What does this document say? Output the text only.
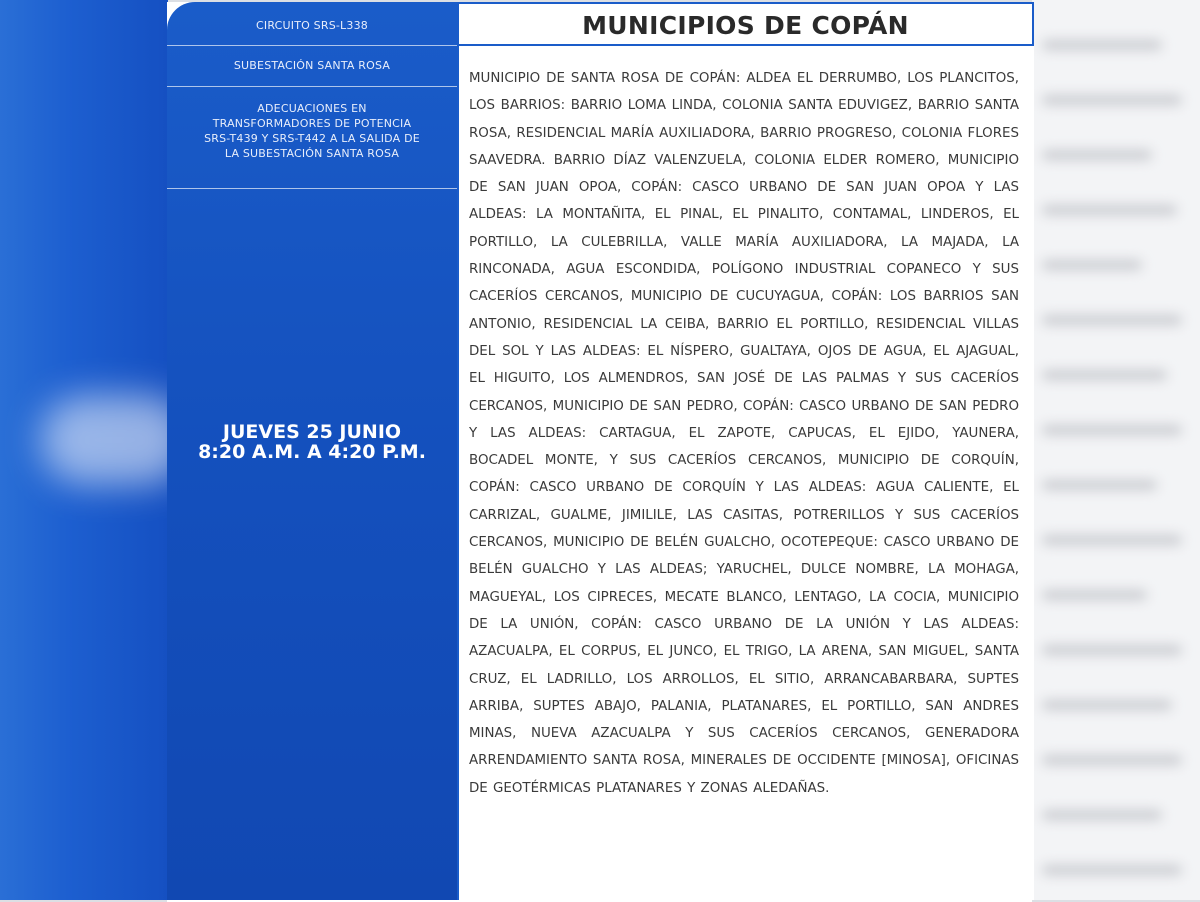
CIRCUITO SRS-L338
SUBESTACIÓN SANTA ROSA
ADECUACIONES EN
TRANSFORMADORES DE POTENCIA
SRS-T439 Y SRS-T442 A LA SALIDA DE
LA SUBESTACIÓN SANTA ROSA
JUEVES 25 JUNIO
8:20 A.M. A 4:20 P.M.
MUNICIPIOS DE COPÁN
MUNICIPIO DE SANTA ROSA DE COPÁN: ALDEA EL DERRUMBO, LOS PLANCITOS, LOS BARRIOS: BARRIO LOMA LINDA, COLONIA SANTA EDUVIGEZ, BARRIO SANTA ROSA, RESIDENCIAL MARÍA AUXILIADORA, BARRIO PROGRESO, COLONIA FLORES SAAVEDRA. BARRIO DÍAZ VALENZUELA, COLONIA ELDER ROMERO, MUNICIPIO DE SAN JUAN OPOA, COPÁN: CASCO URBANO DE SAN JUAN OPOA Y LAS ALDEAS: LA MONTAÑITA, EL PINAL, EL PINALITO, CONTAMAL, LINDEROS, EL PORTILLO, LA CULEBRILLA, VALLE MARÍA AUXILIADORA, LA MAJADA, LA RINCONADA, AGUA ESCONDIDA, POLÍGONO INDUSTRIAL COPANECO Y SUS CACERÍOS CERCANOS, MUNICIPIO DE CUCUYAGUA, COPÁN: LOS BARRIOS SAN ANTONIO, RESIDENCIAL LA CEIBA, BARRIO EL PORTILLO, RESIDENCIAL VILLAS DEL SOL Y LAS ALDEAS: EL NÍSPERO, GUALTAYA, OJOS DE AGUA, EL AJAGUAL, EL HIGUITO, LOS ALMENDROS, SAN JOSÉ DE LAS PALMAS Y SUS CACERÍOS CERCANOS, MUNICIPIO DE SAN PEDRO, COPÁN: CASCO URBANO DE SAN PEDRO Y LAS ALDEAS: CARTAGUA, EL ZAPOTE, CAPUCAS, EL EJIDO, YAUNERA, BOCADEL MONTE, Y SUS CACERÍOS CERCANOS, MUNICIPIO DE CORQUÍN, COPÁN: CASCO URBANO DE CORQUÍN Y LAS ALDEAS: AGUA CALIENTE, EL CARRIZAL, GUALME, JIMILILE, LAS CASITAS, POTRERILLOS Y SUS CACERÍOS CERCANOS, MUNICIPIO DE BELÉN GUALCHO, OCOTEPEQUE: CASCO URBANO DE BELÉN GUALCHO Y LAS ALDEAS; YARUCHEL, DULCE NOMBRE, LA MOHAGA, MAGUEYAL, LOS CIPRECES, MECATE BLANCO, LENTAGO, LA COCIA, MUNICIPIO DE LA UNIÓN, COPÁN: CASCO URBANO DE LA UNIÓN Y LAS ALDEAS: AZACUALPA, EL CORPUS, EL JUNCO, EL TRIGO, LA ARENA, SAN MIGUEL, SANTA CRUZ, EL LADRILLO, LOS ARROLLOS, EL SITIO, ARRANCABARBARA, SUPTES ARRIBA, SUPTES ABAJO, PALANIA, PLATANARES, EL PORTILLO, SAN ANDRES MINAS, NUEVA AZACUALPA Y SUS CACERÍOS CERCANOS, GENERADORA ARRENDAMIENTO SANTA ROSA, MINERALES DE OCCIDENTE [MINOSA], OFICINAS DE GEOTÉRMICAS PLATANARES Y ZONAS ALEDAÑAS.
